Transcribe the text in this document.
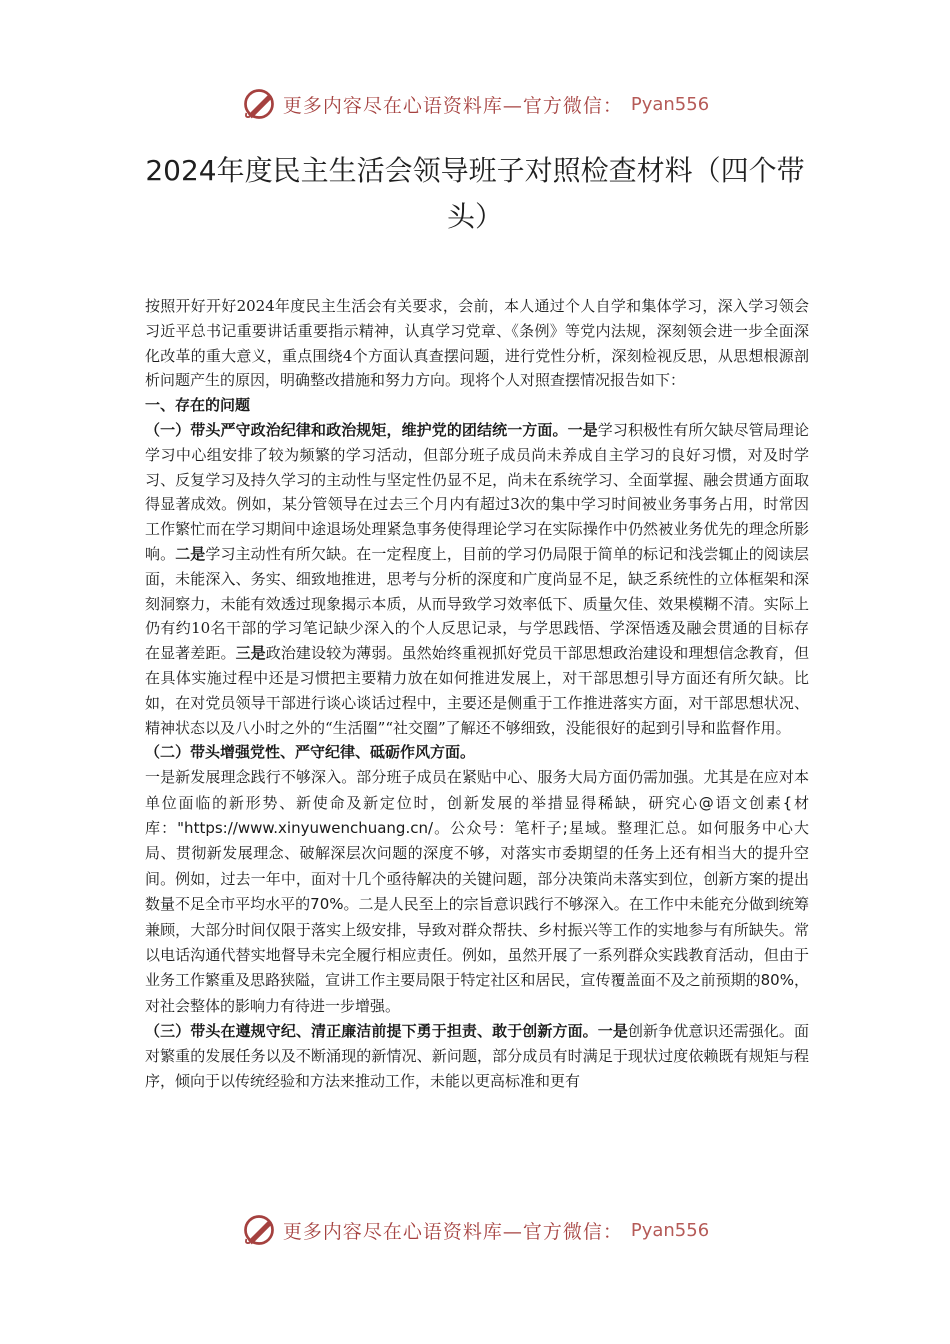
更多内容尽在心语资料库—官方微信： Pyan556
2024年度民主生活会领导班子对照检查材料（四个带头）

按照开好开好2024年度民主生活会有关要求，会前，本人通过个人自学和集体学习，深入学习领会习近平总书记重要讲话重要指示精神，认真学习党章、《条例》等党内法规，深刻领会进一步全面深化改革的重大意义，重点围绕4个方面认真查摆问题，进行党性分析，深刻检视反思，从思想根源剖析问题产生的原因，明确整改措施和努力方向。现将个人对照查摆情况报告如下：

一、存在的问题

（一）带头严守政治纪律和政治规矩，维护党的团结统一方面。一是学习积极性有所欠缺尽管局理论学习中心组安排了较为频繁的学习活动，但部分班子成员尚未养成自主学习的良好习惯，对及时学习、反复学习及持久学习的主动性与坚定性仍显不足，尚未在系统学习、全面掌握、融会贯通方面取得显著成效。例如，某分管领导在过去三个月内有超过3次的集中学习时间被业务事务占用，时常因工作繁忙而在学习期间中途退场处理紧急事务使得理论学习在实际操作中仍然被业务优先的理念所影响。二是学习主动性有所欠缺。在一定程度上，目前的学习仍局限于简单的标记和浅尝辄止的阅读层面，未能深入、务实、细致地推进，思考与分析的深度和广度尚显不足，缺乏系统性的立体框架和深刻洞察力，未能有效透过现象揭示本质，从而导致学习效率低下、质量欠佳、效果模糊不清。实际上仍有约10名干部的学习笔记缺少深入的个人反思记录，与学思践悟、学深悟透及融会贯通的目标存在显著差距。三是政治建设较为薄弱。虽然始终重视抓好党员干部思想政治建设和理想信念教育，但在具体实施过程中还是习惯把主要精力放在如何推进发展上，对干部思想引导方面还有所欠缺。比如，在对党员领导干部进行谈心谈话过程中，主要还是侧重于工作推进落实方面，对干部思想状况、精神状态以及八小时之外的“生活圈”“社交圈”了解还不够细致，没能很好的起到引导和监督作用。

（二）带头增强党性、严守纪律、砥砺作风方面。

一是新发展理念践行不够深入。部分班子成员在紧贴中心、服务大局方面仍需加强。尤其是在应对本单位面临的新形势、新使命及新定位时，创新发展的举措显得稀缺，研究心@语文创素{材库："https://www.xinyuwenchuang.cn/。公众号：笔杆子;星域。整理汇总。如何服务中心大局、贯彻新发展理念、破解深层次问题的深度不够，对落实市委期望的任务上还有相当大的提升空间。例如，过去一年中，面对十几个亟待解决的关键问题，部分决策尚未落实到位，创新方案的提出数量不足全市平均水平的70%。二是人民至上的宗旨意识践行不够深入。在工作中未能充分做到统筹兼顾，大部分时间仅限于落实上级安排，导致对群众帮扶、乡村振兴等工作的实地参与有所缺失。常以电话沟通代替实地督导未完全履行相应责任。例如，虽然开展了一系列群众实践教育活动，但由于业务工作繁重及思路狭隘，宣讲工作主要局限于特定社区和居民，宣传覆盖面不及之前预期的80%，对社会整体的影响力有待进一步增强。

（三）带头在遵规守纪、清正廉洁前提下勇于担责、敢于创新方面。一是创新争优意识还需强化。面对繁重的发展任务以及不断涌现的新情况、新问题，部分成员有时满足于现状过度依赖既有规矩与程序，倾向于以传统经验和方法来推动工作，未能以更高标准和更有

更多内容尽在心语资料库—官方微信： Pyan556
